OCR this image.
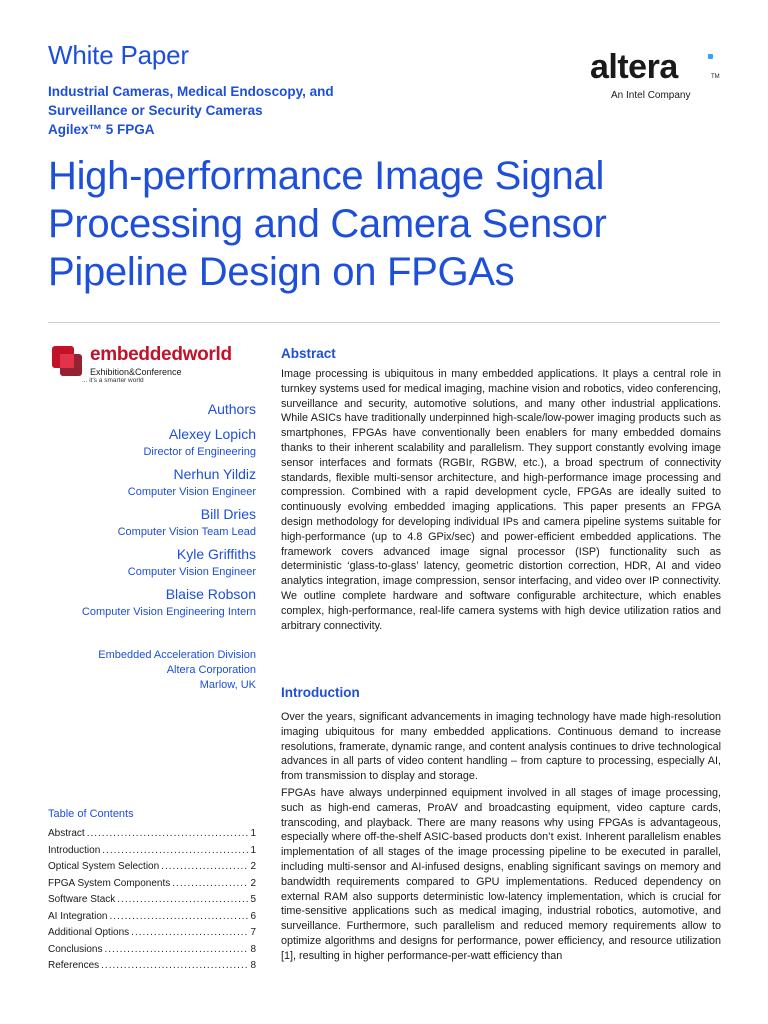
White Paper
Industrial Cameras, Medical Endoscopy, and
Surveillance or Security Cameras
Agilex™ 5 FPGA
altera	TM
An Intel Company
High-performance Image Signal
Processing and Camera Sensor
Pipeline Design on FPGAs
embeddedworld
Exhibition&Conference
... it's a smarter world
Authors
Alexey Lopich
Director of Engineering
Nerhun Yildiz
Computer Vision Engineer
Bill Dries
Computer Vision Team Lead
Kyle Griffiths
Computer Vision Engineer
Blaise Robson
Computer Vision Engineering Intern
Embedded Acceleration Division
Altera Corporation
Marlow, UK
Table of Contents
Abstract .....	1
Introduction .....	1
Optical System Selection .....	2
FPGA System Components .....	2
Software Stack .....	5
AI Integration .....	6
Additional Options .....	7
Conclusions .....	8
References .....	8
Abstract
Image processing is ubiquitous in many embedded applications. It plays a central role in turnkey systems used for medical imaging, machine vision and robotics, video conferencing, surveillance and security, automotive solutions, and many other industrial applications. While ASICs have traditionally underpinned high-scale/low-power imaging products such as smartphones, FPGAs have conventionally been enablers for many embedded domains thanks to their inherent scalability and parallelism. They support constantly evolving image sensor interfaces and formats (RGBIr, RGBW, etc.), a broad spectrum of connectivity standards, flexible multi-sensor architecture, and high-performance image processing and compression. Combined with a rapid development cycle, FPGAs are ideally suited to continuously evolving embedded imaging applications. This paper presents an FPGA design methodology for developing individual IPs and camera pipeline systems suitable for high-performance (up to 4.8 GPix/sec) and power-efficient embedded applications. The framework covers advanced image signal processor (ISP) functionality such as deterministic ‘glass-to-glass’ latency, geometric distortion correction, HDR, AI and video analytics integration, image compression, sensor interfacing, and video over IP connectivity. We outline complete hardware and software configurable architecture, which enables complex, high-performance, real-life camera systems with high device utilization ratios and arbitrary connectivity.
Introduction
Over the years, significant advancements in imaging technology have made high-resolution imaging ubiquitous for many embedded applications. Continuous demand to increase resolutions, framerate, dynamic range, and content analysis continues to drive technological advances in all parts of video content handling – from capture to processing, especially AI, from transmission to display and storage.
FPGAs have always underpinned equipment involved in all stages of image processing, such as high-end cameras, ProAV and broadcasting equipment, video capture cards, transcoding, and playback. There are many reasons why using FPGAs is advantageous, especially where off-the-shelf ASIC-based products don’t exist. Inherent parallelism enables implementation of all stages of the image processing pipeline to be executed in parallel, including multi-sensor and AI-infused designs, enabling significant savings on memory and bandwidth requirements compared to GPU implementations. Reduced dependency on external RAM also supports deterministic low-latency implementation, which is crucial for time-sensitive applications such as medical imaging, industrial robotics, automotive, and surveillance. Furthermore, such parallelism and reduced memory requirements allow to optimize algorithms and designs for performance, power efficiency, and resource utilization [1], resulting in higher performance-per-watt efficiency than
